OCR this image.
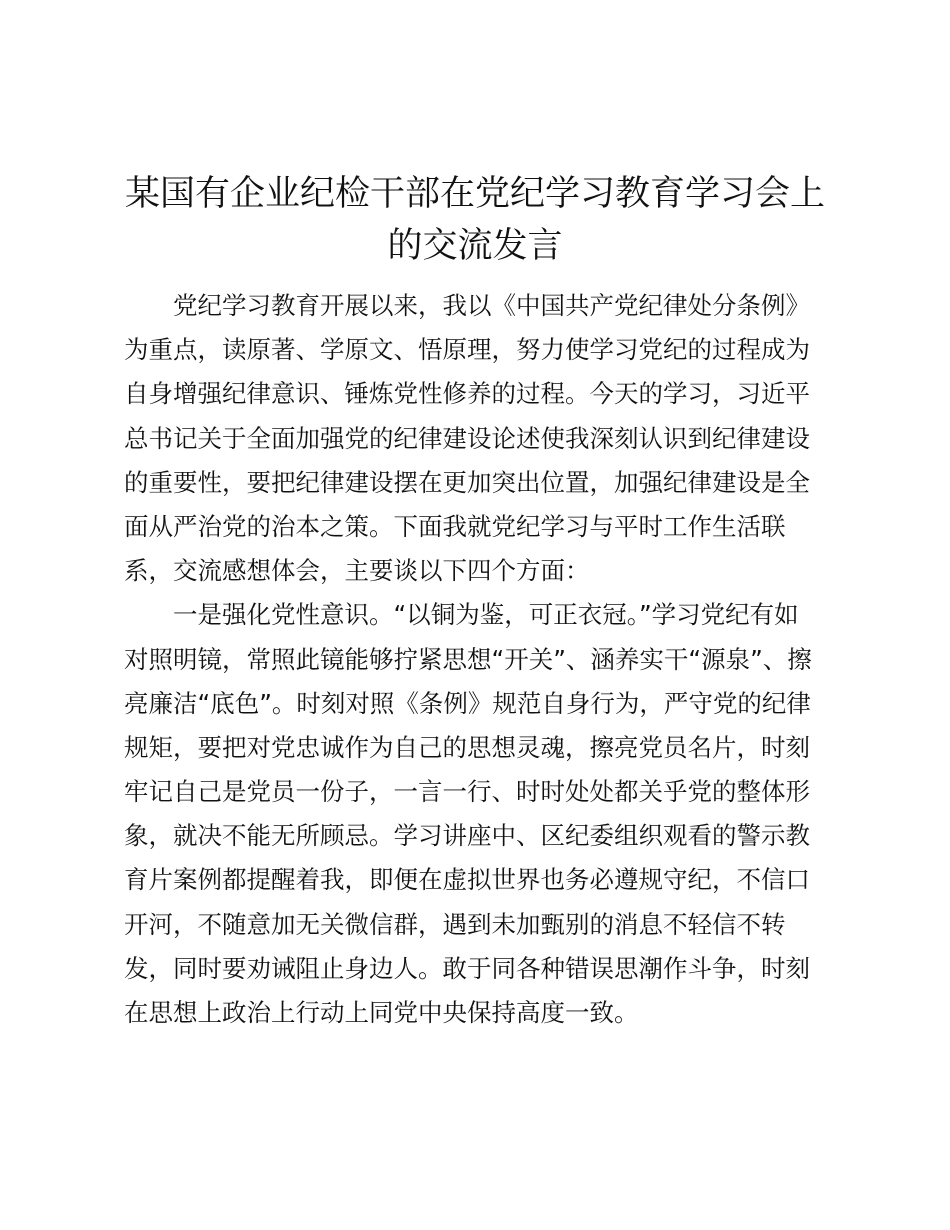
某国有企业纪检干部在党纪学习教育学习会上
的交流发言
党纪学习教育开展以来，我以《中国共产党纪律处分条例》
为重点，读原著、学原文、悟原理，努力使学习党纪的过程成为
自身增强纪律意识、锤炼党性修养的过程。今天的学习，习近平
总书记关于全面加强党的纪律建设论述使我深刻认识到纪律建设
的重要性，要把纪律建设摆在更加突出位置，加强纪律建设是全
面从严治党的治本之策。下面我就党纪学习与平时工作生活联
系，交流感想体会，主要谈以下四个方面：
一是强化党性意识。“以铜为鉴，可正衣冠。”学习党纪有如
对照明镜，常照此镜能够拧紧思想“开关”、涵养实干“源泉”、擦
亮廉洁“底色”。时刻对照《条例》规范自身行为，严守党的纪律
规矩，要把对党忠诚作为自己的思想灵魂，擦亮党员名片，时刻
牢记自己是党员一份子，一言一行、时时处处都关乎党的整体形
象，就决不能无所顾忌。学习讲座中、区纪委组织观看的警示教
育片案例都提醒着我，即便在虚拟世界也务必遵规守纪，不信口
开河，不随意加无关微信群，遇到未加甄别的消息不轻信不转
发，同时要劝诫阻止身边人。敢于同各种错误思潮作斗争，时刻
在思想上政治上行动上同党中央保持高度一致。
